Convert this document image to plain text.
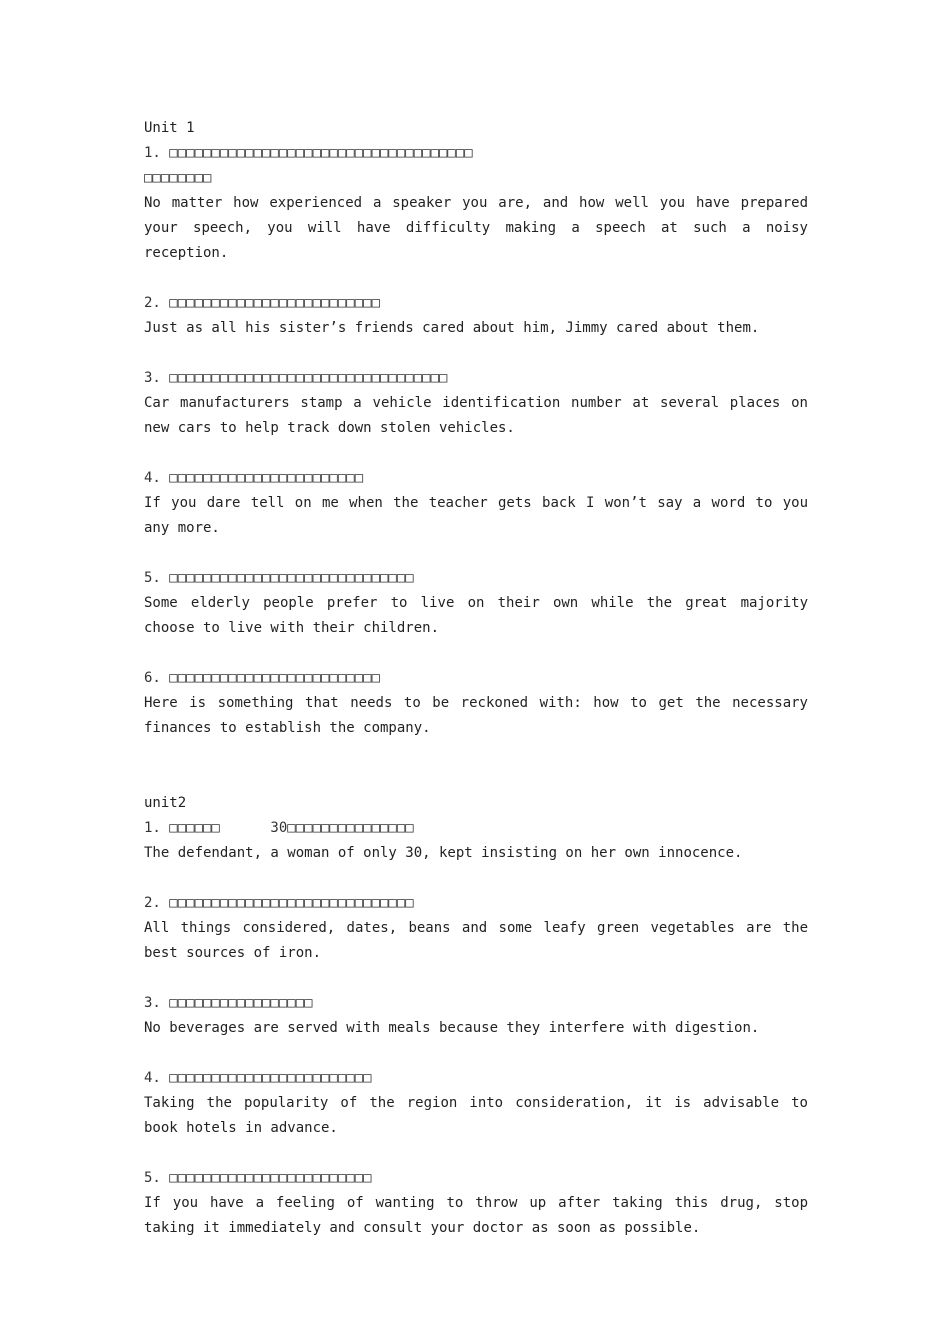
Unit 1
1. □□□□□□□□□□□□□□□□□□□□□□□□□□□□□□□□□□□□
□□□□□□□□
No matter how experienced a speaker you are, and how well you have prepared your speech, you will have difficulty making a speech at such a noisy reception.
2. □□□□□□□□□□□□□□□□□□□□□□□□□
Just as all his sister’s friends cared about him, Jimmy cared about them.
3. □□□□□□□□□□□□□□□□□□□□□□□□□□□□□□□□□
Car manufacturers stamp a vehicle identification number at several places on new cars to help track down stolen vehicles.
4. □□□□□□□□□□□□□□□□□□□□□□□
If you dare tell on me when the teacher gets back I won’t say a word to you any more.
5. □□□□□□□□□□□□□□□□□□□□□□□□□□□□□
Some elderly people prefer to live on their own while the great majority choose to live with their children.
6. □□□□□□□□□□□□□□□□□□□□□□□□□
Here is something that needs to be reckoned with: how to get the necessary finances to establish the company.
unit2
1. □□□□□□      30□□□□□□□□□□□□□□□
The defendant, a woman of only 30, kept insisting on her own innocence.
2. □□□□□□□□□□□□□□□□□□□□□□□□□□□□□
All things considered, dates, beans and some leafy green vegetables are the best sources of iron.
3. □□□□□□□□□□□□□□□□□
No beverages are served with meals because they interfere with digestion.
4. □□□□□□□□□□□□□□□□□□□□□□□□
Taking the popularity of the region into consideration, it is advisable to book hotels in advance.
5. □□□□□□□□□□□□□□□□□□□□□□□□
If you have a feeling of wanting to throw up after taking this drug, stop taking it immediately and consult your doctor as soon as possible.
